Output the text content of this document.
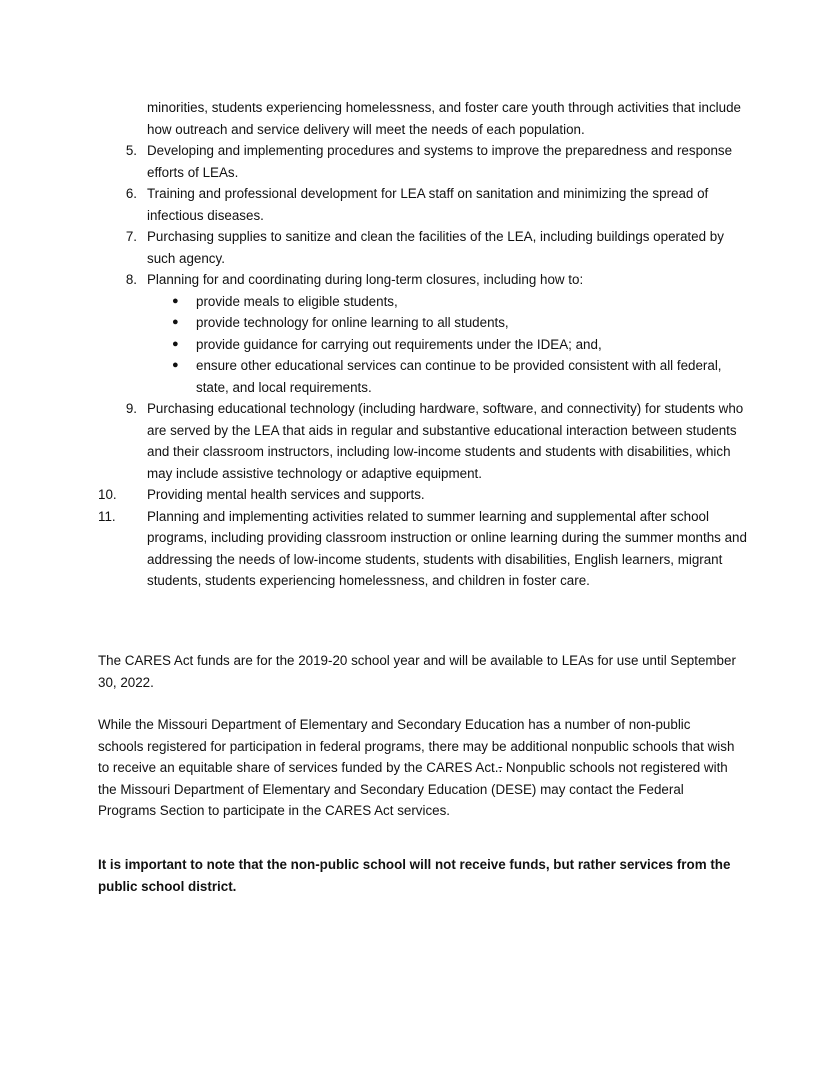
minorities, students experiencing homelessness, and foster care youth through activities that include how outreach and service delivery will meet the needs of each population.
5. Developing and implementing procedures and systems to improve the preparedness and response efforts of LEAs.
6. Training and professional development for LEA staff on sanitation and minimizing the spread of infectious diseases.
7. Purchasing supplies to sanitize and clean the facilities of the LEA, including buildings operated by such agency.
8. Planning for and coordinating during long-term closures, including how to:
● provide meals to eligible students,
● provide technology for online learning to all students,
● provide guidance for carrying out requirements under the IDEA; and,
● ensure other educational services can continue to be provided consistent with all federal, state, and local requirements.
9. Purchasing educational technology (including hardware, software, and connectivity) for students who are served by the LEA that aids in regular and substantive educational interaction between students and their classroom instructors, including low-income students and students with disabilities, which may include assistive technology or adaptive equipment.
10.	Providing mental health services and supports.
11.	Planning and implementing activities related to summer learning and supplemental after school programs, including providing classroom instruction or online learning during the summer months and addressing the needs of low-income students, students with disabilities, English learners, migrant students, students experiencing homelessness, and children in foster care.

The CARES Act funds are for the 2019-20 school year and will be available to LEAs for use until September 30, 2022.

While the Missouri Department of Elementary and Secondary Education has a number of non-public schools registered for participation in federal programs, there may be additional nonpublic schools that wish to receive an equitable share of services funded by the CARES Act.. Nonpublic schools not registered with the Missouri Department of Elementary and Secondary Education (DESE) may contact the Federal Programs Section to participate in the CARES Act services.

It is important to note that the non-public school will not receive funds, but rather services from the public school district.
